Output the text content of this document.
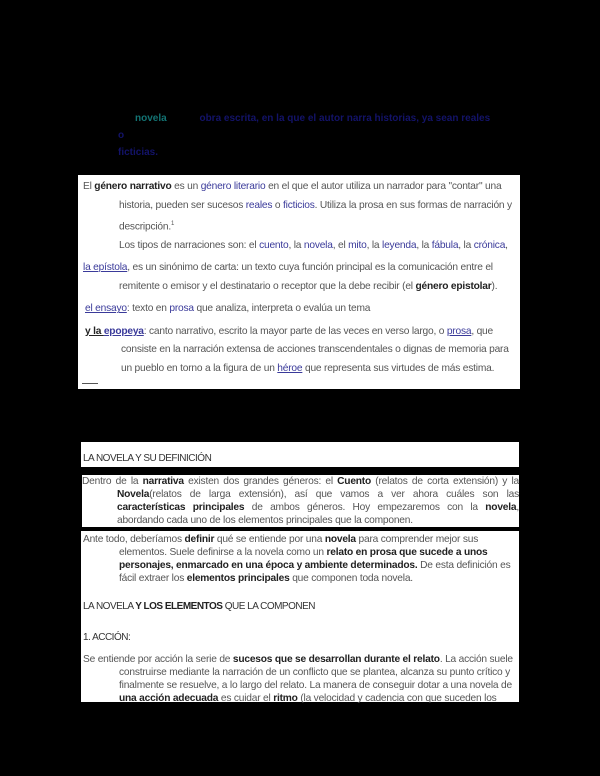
novela	obra escrita, en la que el autor narra historias, ya sean reales o
ficticias.
El género narrativo es un género literario en el que el autor utiliza un narrador para "contar" una historia, pueden ser sucesos reales o ficticios. Utiliza la prosa en sus formas de narración y descripción.$^1$
Los tipos de narraciones son: el cuento, la novela, el mito, la leyenda, la fábula, la crónica,
la epístola, es un sinónimo de carta: un texto cuya función principal es la comunicación entre el remitente o emisor y el destinatario o receptor que la debe recibir (el género epistolar).
el ensayo: texto en prosa que analiza, interpreta o evalúa un tema
y la epopeya: canto narrativo, escrito la mayor parte de las veces en verso largo, o prosa, que consiste en la narración extensa de acciones transcendentales o dignas de memoria para un pueblo en torno a la figura de un héroe que representa sus virtudes de más estima.
LA NOVELA Y SU DEFINICIÓN
Dentro de la narrativa existen dos grandes géneros: el Cuento (relatos de corta extensión) y la Novela(relatos de larga extensión), así que vamos a ver ahora cuáles son las características principales de ambos géneros. Hoy empezaremos con la novela, abordando cada uno de los elementos principales que la componen.
Ante todo, deberíamos definir qué se entiende por una novela para comprender mejor sus elementos. Suele definirse a la novela como un relato en prosa que sucede a unos personajes, enmarcado en una época y ambiente determinados. De esta definición es fácil extraer los elementos principales que componen toda novela.
LA NOVELA Y LOS ELEMENTOS QUE LA COMPONEN
1. ACCIÓN:
Se entiende por acción la serie de sucesos que se desarrollan durante el relato. La acción suele construirse mediante la narración de un conflicto que se plantea, alcanza su punto crítico y finalmente se resuelve, a lo largo del relato. La manera de conseguir dotar a una novela de una acción adecuada es cuidar el ritmo (la velocidad y cadencia con que suceden los
